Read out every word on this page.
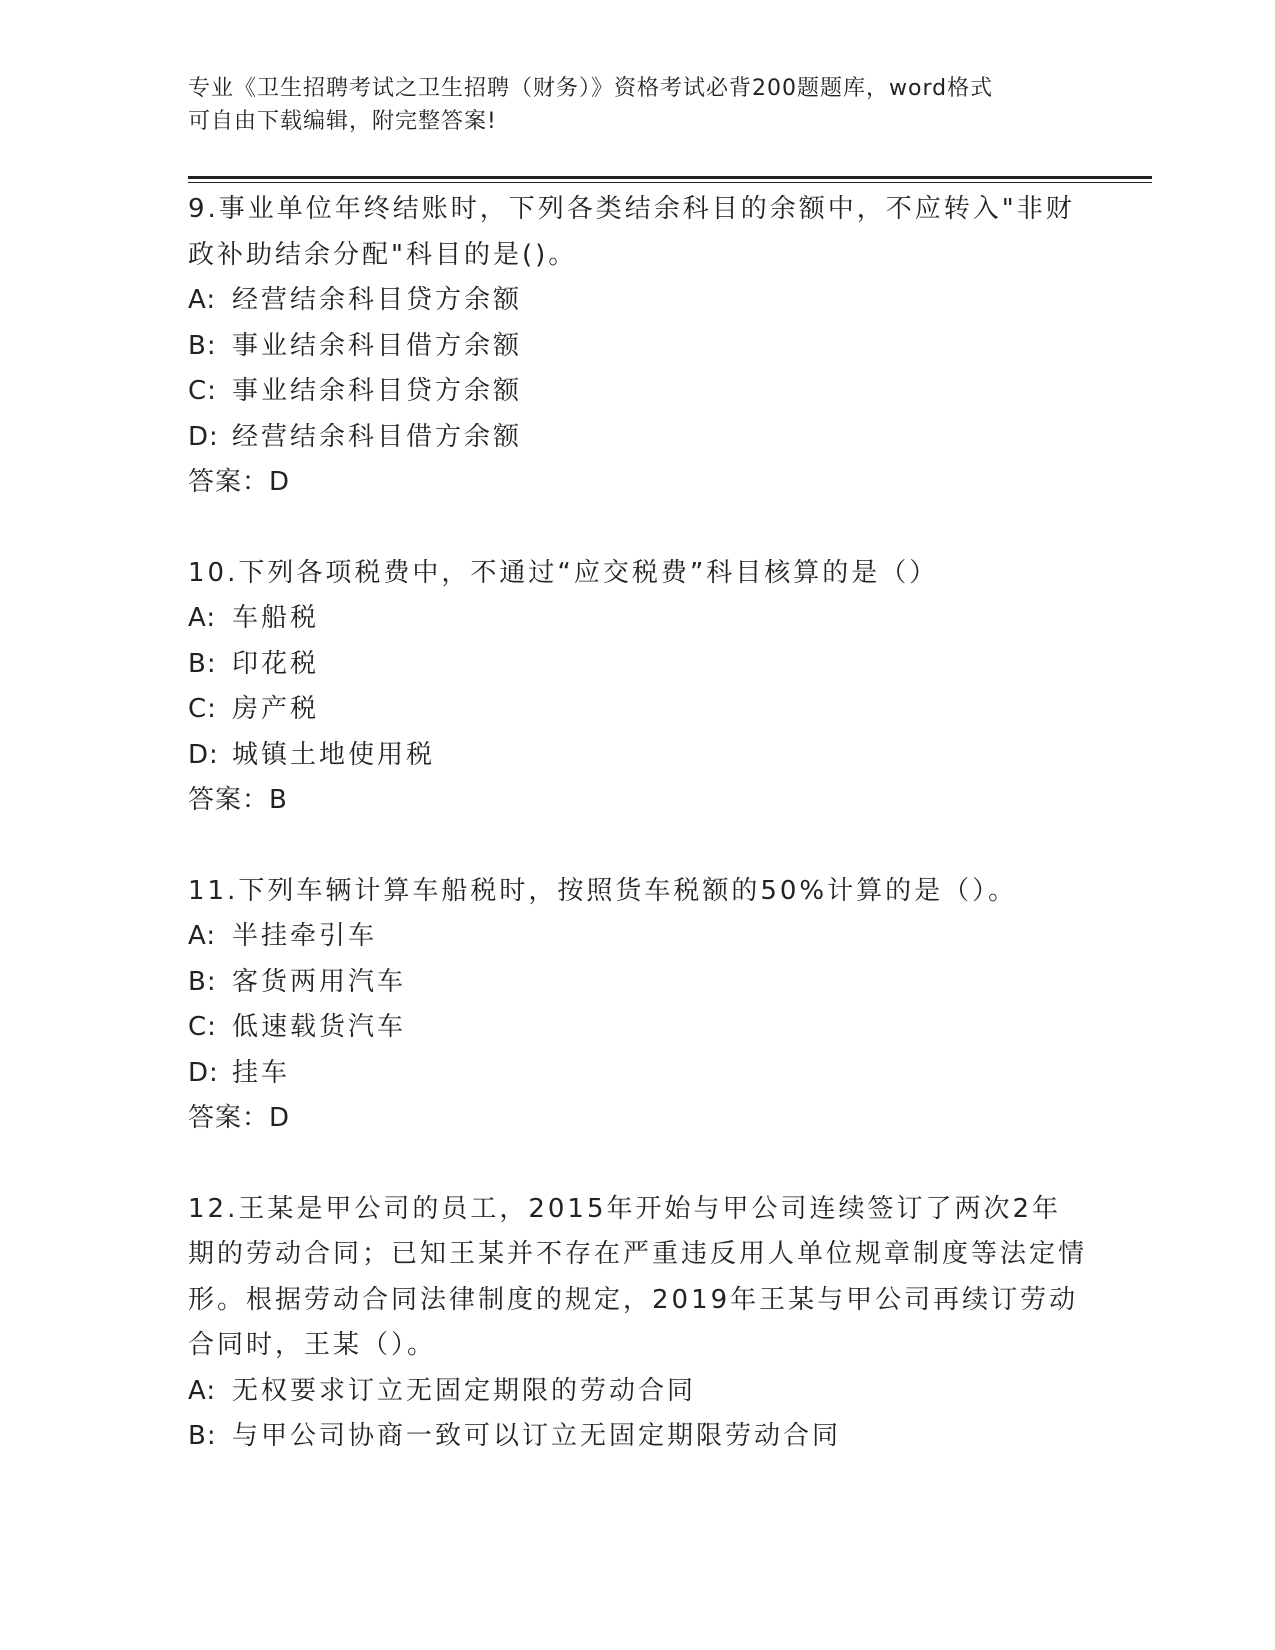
专业《卫生招聘考试之卫生招聘（财务）》资格考试必背200题题库，word格式
可自由下载编辑，附完整答案!
9.事业单位年终结账时，下列各类结余科目的余额中，不应转入"非财政补助结余分配"科目的是()。
A: 经营结余科目贷方余额
B: 事业结余科目借方余额
C: 事业结余科目贷方余额
D: 经营结余科目借方余额
答案：D
10.下列各项税费中，不通过“应交税费”科目核算的是（）
A: 车船税
B: 印花税
C: 房产税
D: 城镇土地使用税
答案：B
11.下列车辆计算车船税时，按照货车税额的50%计算的是（）。
A: 半挂牵引车
B: 客货两用汽车
C: 低速载货汽车
D: 挂车
答案：D
12.王某是甲公司的员工，2015年开始与甲公司连续签订了两次2年期的劳动合同；已知王某并不存在严重违反用人单位规章制度等法定情形。根据劳动合同法律制度的规定，2019年王某与甲公司再续订劳动合同时，王某（）。
A: 无权要求订立无固定期限的劳动合同
B: 与甲公司协商一致可以订立无固定期限劳动合同
